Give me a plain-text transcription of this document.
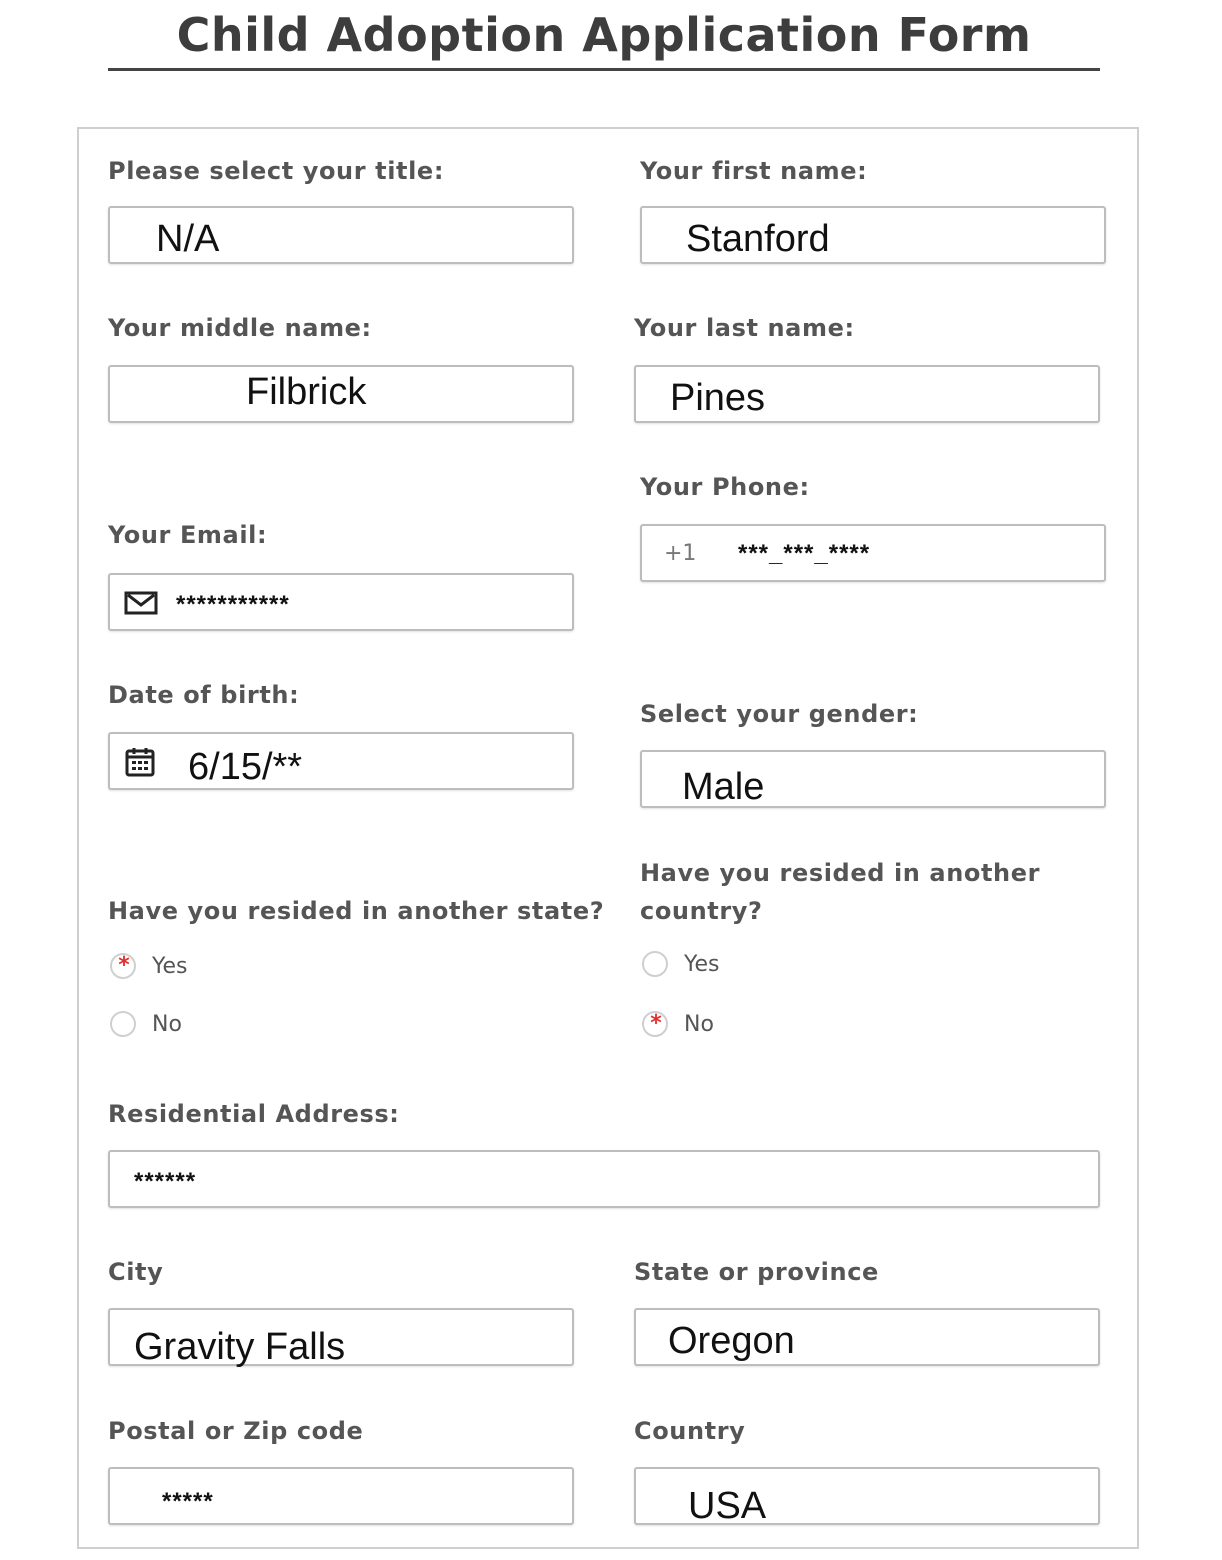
Child Adoption Application Form
Please select your title:
N/A
Your first name:
Stanford
Your middle name:
Filbrick
Your last name:
Pines
Your Phone:
+1 ***_***_****
Your Email:
***********
Date of birth:
6/15/**
Select your gender:
Male
Have you resided in another state?
* Yes
No
Have you resided in another
country?
Yes
* No
Residential Address:
******
City
Gravity Falls
State or province
Oregon
Postal or Zip code
*****
Country
USA
